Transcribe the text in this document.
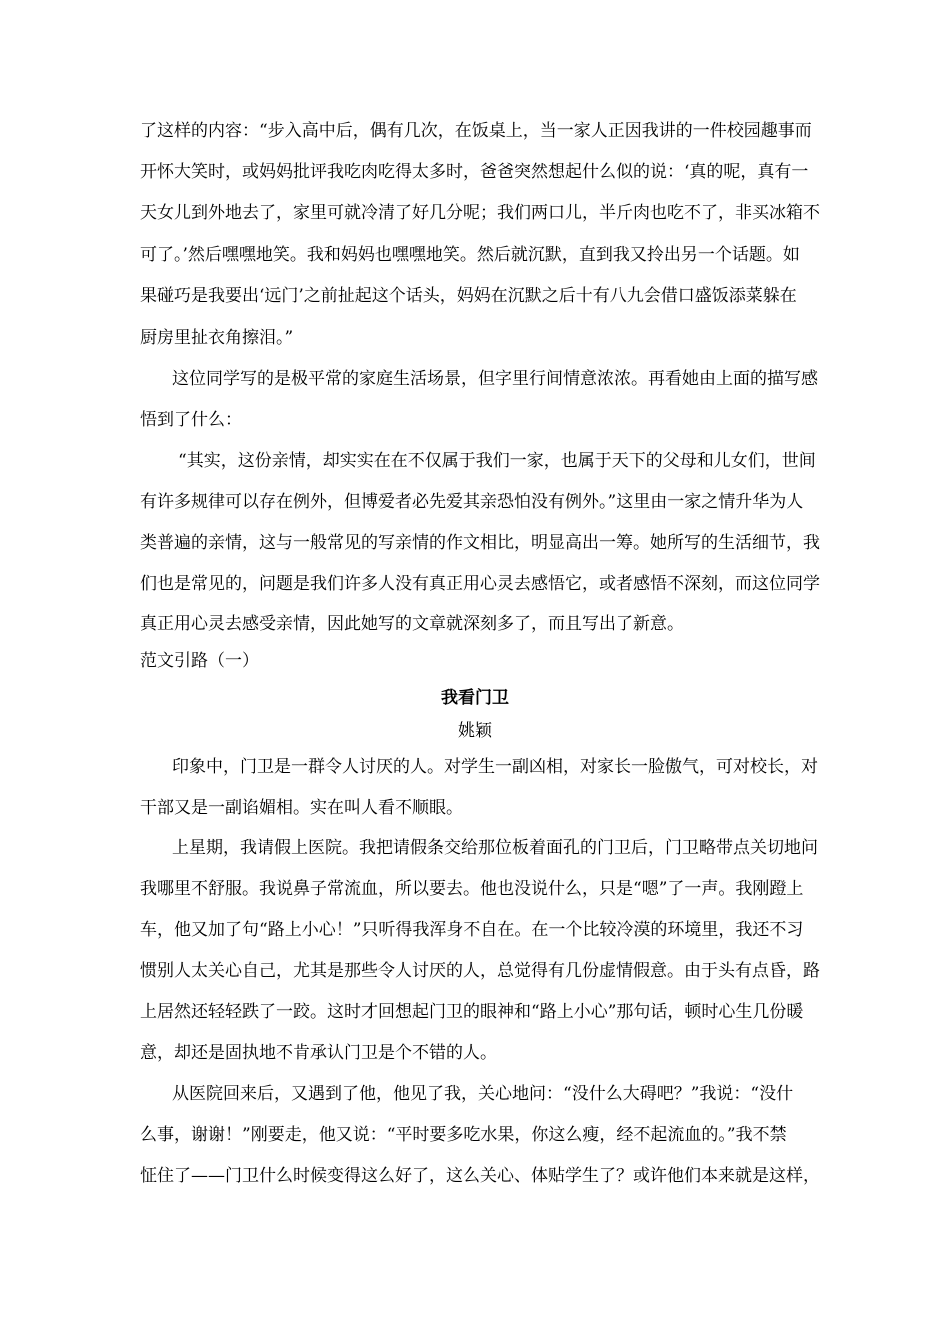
了这样的内容：“步入高中后，偶有几次，在饭桌上，当一家人正因我讲的一件校园趣事而
开怀大笑时，或妈妈批评我吃肉吃得太多时，爸爸突然想起什么似的说：‘真的呢，真有一
天女儿到外地去了，家里可就冷清了好几分呢；我们两口儿，半斤肉也吃不了，非买冰箱不
可了。’然后嘿嘿地笑。我和妈妈也嘿嘿地笑。然后就沉默，直到我又拎出另一个话题。如
果碰巧是我要出‘远门’之前扯起这个话头，妈妈在沉默之后十有八九会借口盛饭添菜躲在
厨房里扯衣角擦泪。”
这位同学写的是极平常的家庭生活场景，但字里行间情意浓浓。再看她由上面的描写感
悟到了什么：
“其实，这份亲情，却实实在在不仅属于我们一家，也属于天下的父母和儿女们，世间
有许多规律可以存在例外，但博爱者必先爱其亲恐怕没有例外。”这里由一家之情升华为人
类普遍的亲情，这与一般常见的写亲情的作文相比，明显高出一筹。她所写的生活细节，我
们也是常见的，问题是我们许多人没有真正用心灵去感悟它，或者感悟不深刻，而这位同学
真正用心灵去感受亲情，因此她写的文章就深刻多了，而且写出了新意。
范文引路（一）
我看门卫
姚颖
印象中，门卫是一群令人讨厌的人。对学生一副凶相，对家长一脸傲气，可对校长，对
干部又是一副谄媚相。实在叫人看不顺眼。
上星期，我请假上医院。我把请假条交给那位板着面孔的门卫后，门卫略带点关切地问
我哪里不舒服。我说鼻子常流血，所以要去。他也没说什么，只是“嗯”了一声。我刚蹬上
车，他又加了句“路上小心！”只听得我浑身不自在。在一个比较冷漠的环境里，我还不习
惯别人太关心自己，尤其是那些令人讨厌的人，总觉得有几份虚情假意。由于头有点昏，路
上居然还轻轻跌了一跤。这时才回想起门卫的眼神和“路上小心”那句话，顿时心生几份暖
意，却还是固执地不肯承认门卫是个不错的人。
从医院回来后，又遇到了他，他见了我，关心地问：“没什么大碍吧？”我说：“没什
么事，谢谢！”刚要走，他又说：“平时要多吃水果，你这么瘦，经不起流血的。”我不禁
怔住了——门卫什么时候变得这么好了，这么关心、体贴学生了？或许他们本来就是这样，
